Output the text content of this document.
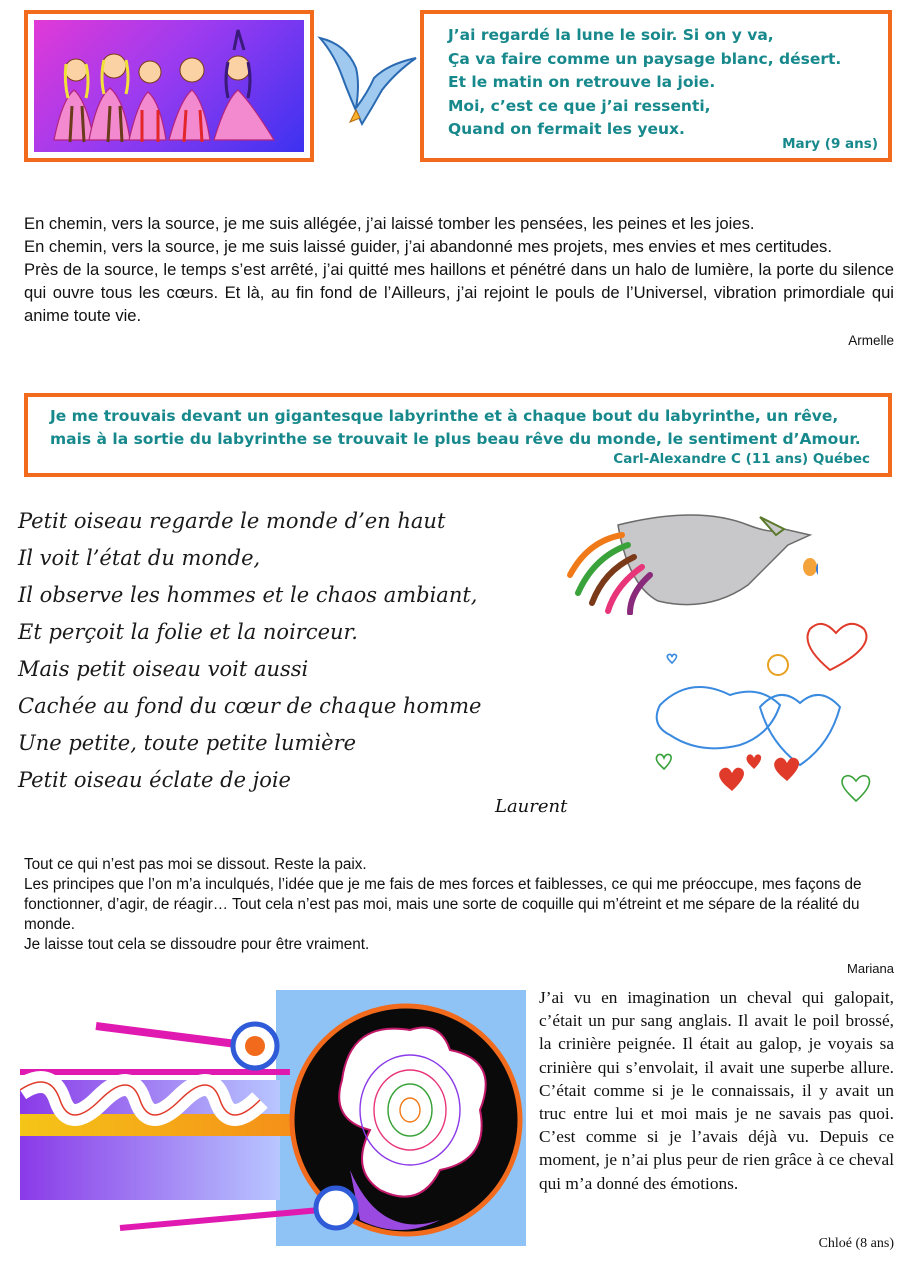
J’ai regardé la lune le soir. Si on y va,

Ça va faire comme un paysage blanc, désert.

Et le matin on retrouve la joie.

Moi, c’est ce que j’ai ressenti,

Quand on fermait les yeux.

Mary (9 ans)

En chemin, vers la source, je me suis allégée, j’ai laissé tomber les pensées, les peines et les joies.

En chemin, vers la source, je me suis laissé guider, j’ai abandonné mes projets, mes envies et mes certitudes.

Près de la source, le temps s’est arrêté, j’ai quitté mes haillons et pénétré dans un halo de lumière, la porte du silence qui ouvre tous les cœurs. Et là, au fin fond de l’Ailleurs, j’ai rejoint le pouls de l’Universel, vibration primordiale qui anime toute vie.

Armelle

Je me trouvais devant un gigantesque labyrinthe et à chaque bout du labyrinthe, un rêve, mais à la sortie du labyrinthe se trouvait le plus beau rêve du monde, le sentiment d’Amour.

Carl-Alexandre C (11 ans) Québec
Petit oiseau regarde le monde d’en haut
Il voit l’état du monde,
Il observe les hommes et le chaos ambiant,
Et perçoit la folie et la noirceur.
Mais petit oiseau voit aussi
Cachée au fond du cœur de chaque homme
Une petite, toute petite lumière
Petit oiseau éclate de joie
Laurent

Tout ce qui n’est pas moi se dissout. Reste la paix.

Les principes que l’on m’a inculqués, l’idée que je me fais de mes forces et faiblesses, ce qui me préoccupe, mes façons de fonctionner, d’agir, de réagir… Tout cela n’est pas moi, mais une sorte de coquille qui m’étreint et me sépare de la réalité du monde.

Je laisse tout cela se dissoudre pour être vraiment.

Mariana

J’ai vu en imagination un cheval qui galopait, c’était un pur sang anglais. Il avait le poil brossé, la crinière peignée. Il était au galop, je voyais sa crinière qui s’envolait, il avait une superbe allure. C’était comme si je le connaissais, il y avait un truc entre lui et moi mais je ne savais pas quoi. C’est comme si je l’avais déjà vu. Depuis ce moment, je n’ai plus peur de rien grâce à ce cheval qui m’a donné des émotions.

Chloé (8 ans)
